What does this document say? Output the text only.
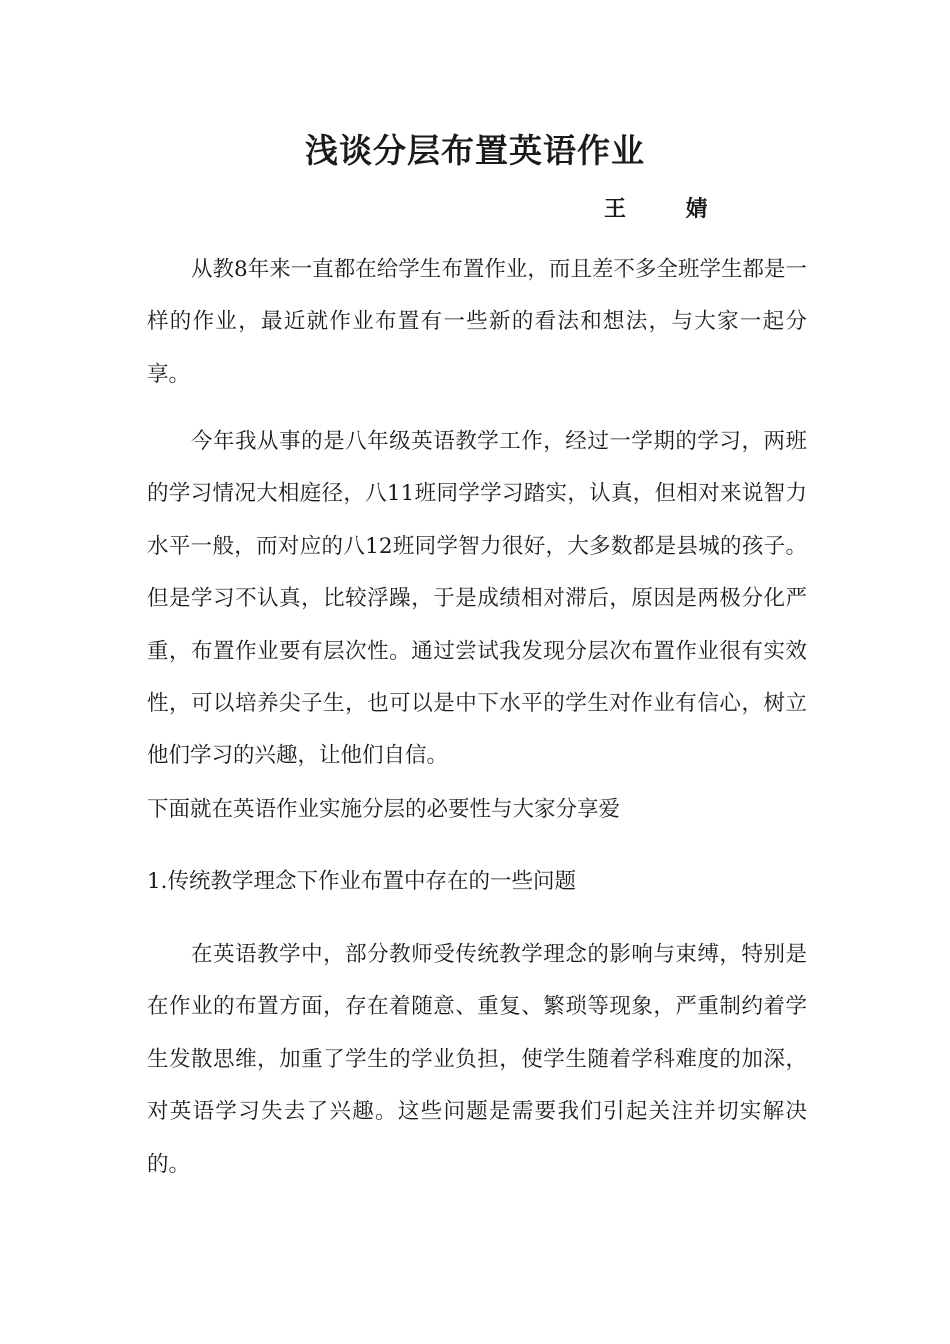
浅谈分层布置英语作业
王 婧

从教8年来一直都在给学生布置作业，而且差不多全班学生都是一样的作业，最近就作业布置有一些新的看法和想法，与大家一起分享。

今年我从事的是八年级英语教学工作，经过一学期的学习，两班的学习情况大相庭径，八11班同学学习踏实，认真，但相对来说智力水平一般，而对应的八12班同学智力很好，大多数都是县城的孩子。但是学习不认真，比较浮躁，于是成绩相对滞后，原因是两极分化严重，布置作业要有层次性。通过尝试我发现分层次布置作业很有实效性，可以培养尖子生，也可以是中下水平的学生对作业有信心，树立他们学习的兴趣，让他们自信。

下面就在英语作业实施分层的必要性与大家分享爱

1.传统教学理念下作业布置中存在的一些问题

在英语教学中，部分教师受传统教学理念的影响与束缚，特别是在作业的布置方面，存在着随意、重复、繁琐等现象，严重制约着学生发散思维，加重了学生的学业负担，使学生随着学科难度的加深，对英语学习失去了兴趣。这些问题是需要我们引起关注并切实解决的。
